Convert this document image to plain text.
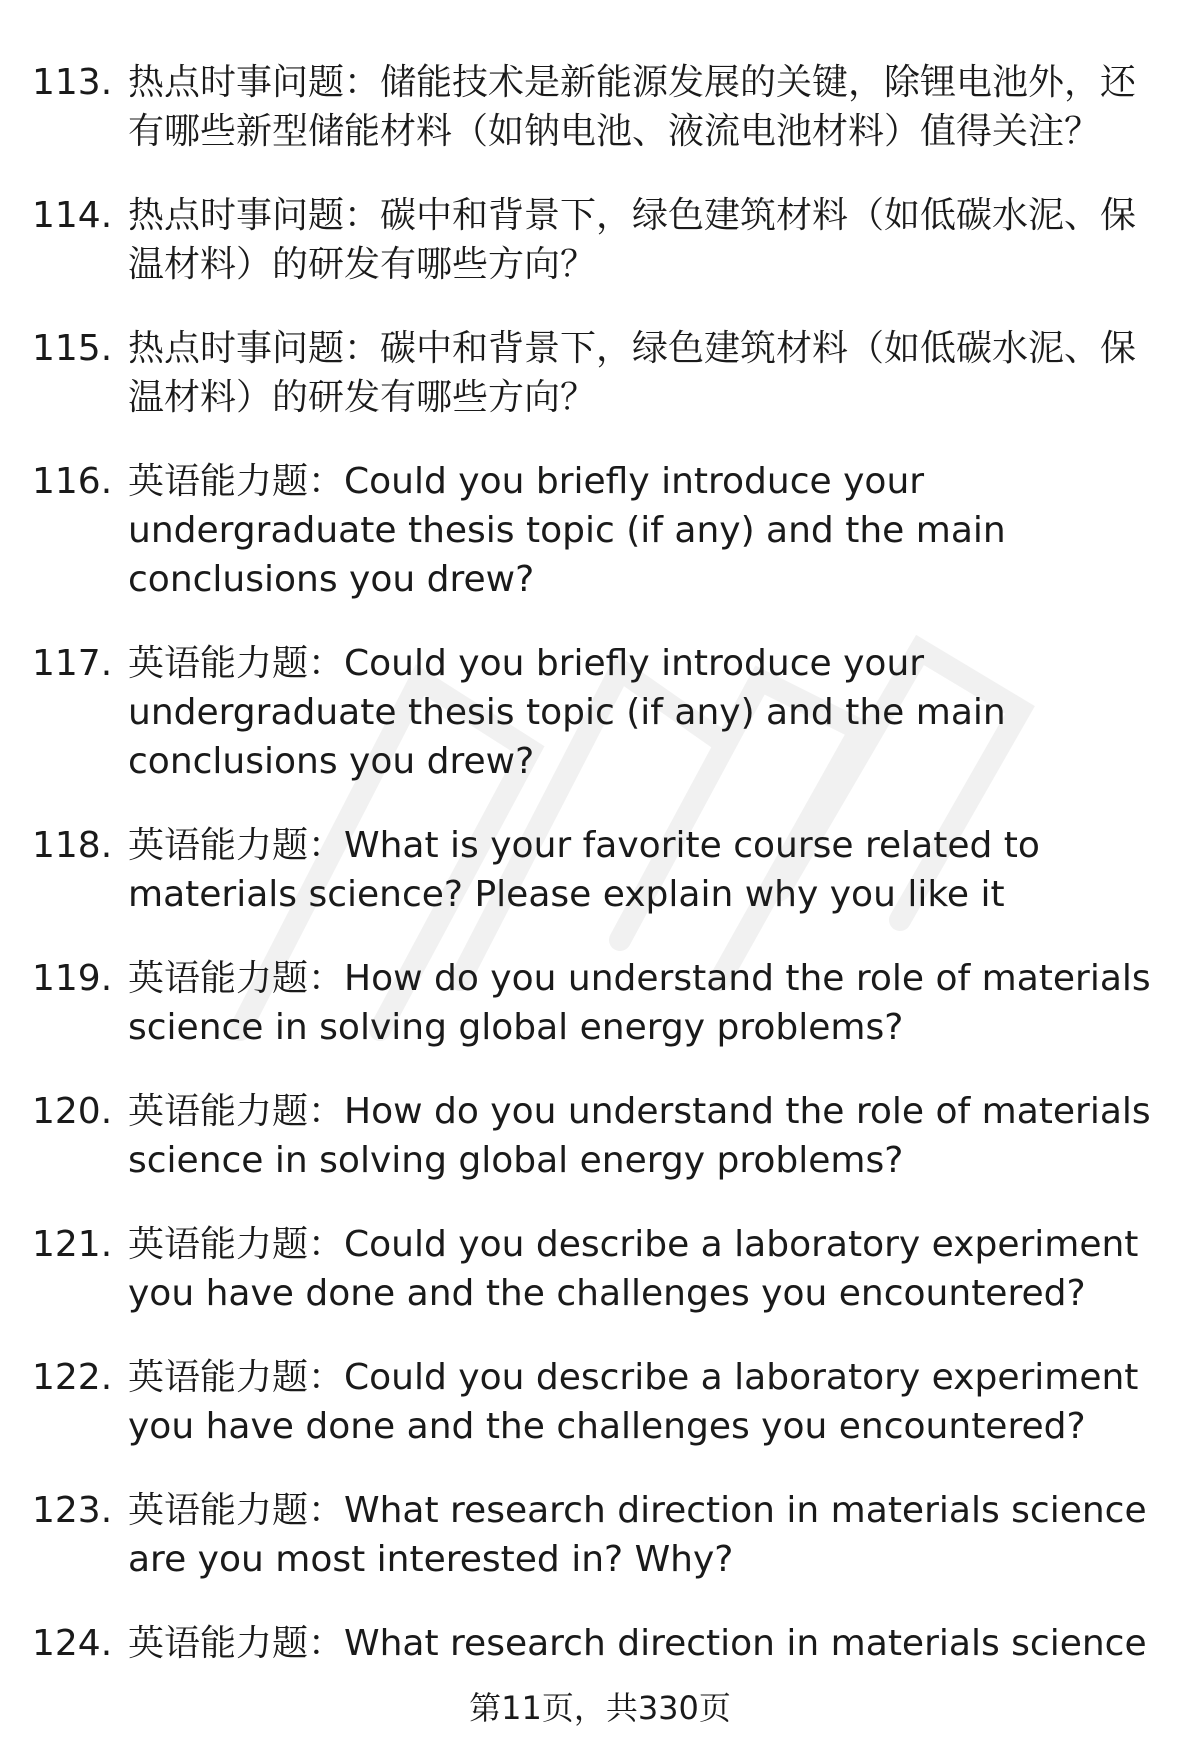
113. 热点时事问题：储能技术是新能源发展的关键，除锂电池外，还有哪些新型储能材料（如钠电池、液流电池材料）值得关注？
114. 热点时事问题：碳中和背景下，绿色建筑材料（如低碳水泥、保温材料）的研发有哪些方向？
115. 热点时事问题：碳中和背景下，绿色建筑材料（如低碳水泥、保温材料）的研发有哪些方向？
116. 英语能力题：Could you briefly introduce your undergraduate thesis topic (if any) and the main conclusions you drew?
117. 英语能力题：Could you briefly introduce your undergraduate thesis topic (if any) and the main conclusions you drew?
118. 英语能力题：What is your favorite course related to materials science? Please explain why you like it
119. 英语能力题：How do you understand the role of materials science in solving global energy problems?
120. 英语能力题：How do you understand the role of materials science in solving global energy problems?
121. 英语能力题：Could you describe a laboratory experiment you have done and the challenges you encountered?
122. 英语能力题：Could you describe a laboratory experiment you have done and the challenges you encountered?
123. 英语能力题：What research direction in materials science are you most interested in? Why?
124. 英语能力题：What research direction in materials science
第11页，共330页
